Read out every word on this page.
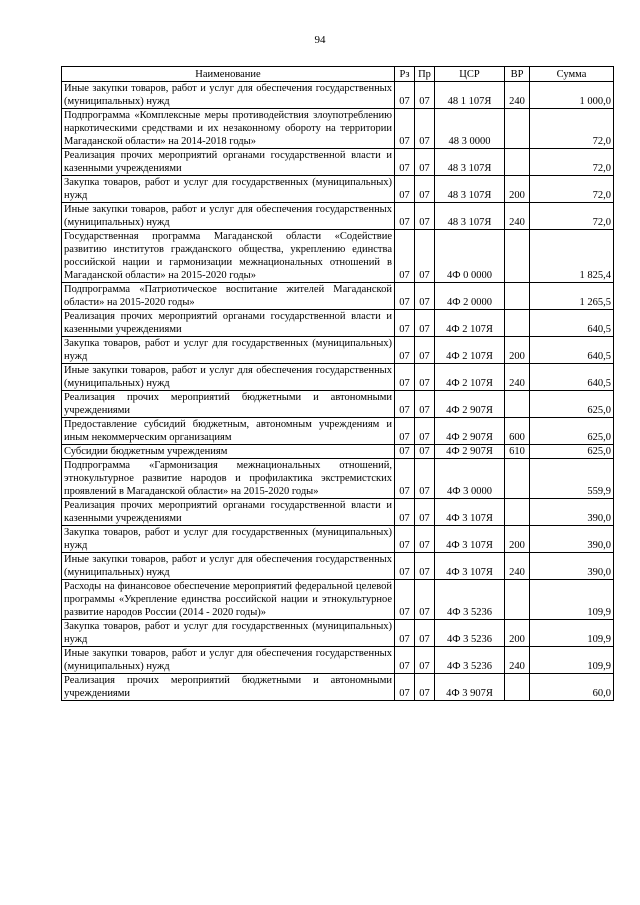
94
Наименование	Рз	Пр	ЦСР	ВР	Сумма
Иные закупки товаров, работ и услуг для обеспечения государственных (муниципальных) нужд	07	07	48 1 107Я	240	1 000,0
Подпрограмма «Комплексные меры противодействия злоупотреблению наркотическими средствами и их незаконному обороту на территории Магаданской области» на 2014-2018 годы»	07	07	48 3 0000		72,0
Реализация прочих мероприятий органами государственной власти и казенными учреждениями	07	07	48 3 107Я		72,0
Закупка товаров, работ и услуг для государственных (муниципальных) нужд	07	07	48 3 107Я	200	72,0
Иные закупки товаров, работ и услуг для обеспечения государственных (муниципальных) нужд	07	07	48 3 107Я	240	72,0
Государственная программа Магаданской области «Содействие развитию институтов гражданского общества, укреплению единства российской нации и гармонизации межнациональных отношений в Магаданской области» на 2015-2020 годы»	07	07	4Ф 0 0000		1 825,4
Подпрограмма «Патриотическое воспитание жителей Магаданской области» на 2015-2020 годы»	07	07	4Ф 2 0000		1 265,5
Реализация прочих мероприятий органами государственной власти и казенными учреждениями	07	07	4Ф 2 107Я		640,5
Закупка товаров, работ и услуг для государственных (муниципальных) нужд	07	07	4Ф 2 107Я	200	640,5
Иные закупки товаров, работ и услуг для обеспечения государственных (муниципальных) нужд	07	07	4Ф 2 107Я	240	640,5
Реализация прочих мероприятий бюджетными и автономными учреждениями	07	07	4Ф 2 907Я		625,0
Предоставление субсидий бюджетным, автономным учреждениям и иным некоммерческим организациям	07	07	4Ф 2 907Я	600	625,0
Субсидии бюджетным учреждениям	07	07	4Ф 2 907Я	610	625,0
Подпрограмма «Гармонизация межнациональных отношений, этнокультурное развитие народов и профилактика экстремистских проявлений в Магаданской области» на 2015-2020 годы»	07	07	4Ф 3 0000		559,9
Реализация прочих мероприятий органами государственной власти и казенными учреждениями	07	07	4Ф 3 107Я		390,0
Закупка товаров, работ и услуг для государственных (муниципальных) нужд	07	07	4Ф 3 107Я	200	390,0
Иные закупки товаров, работ и услуг для обеспечения государственных (муниципальных) нужд	07	07	4Ф 3 107Я	240	390,0
Расходы на финансовое обеспечение мероприятий федеральной целевой программы «Укрепление единства российской нации и этнокультурное развитие народов России (2014 - 2020 годы)»	07	07	4Ф 3 5236		109,9
Закупка товаров, работ и услуг для государственных (муниципальных) нужд	07	07	4Ф 3 5236	200	109,9
Иные закупки товаров, работ и услуг для обеспечения государственных (муниципальных) нужд	07	07	4Ф 3 5236	240	109,9
Реализация прочих мероприятий бюджетными и автономными учреждениями	07	07	4Ф 3 907Я		60,0
